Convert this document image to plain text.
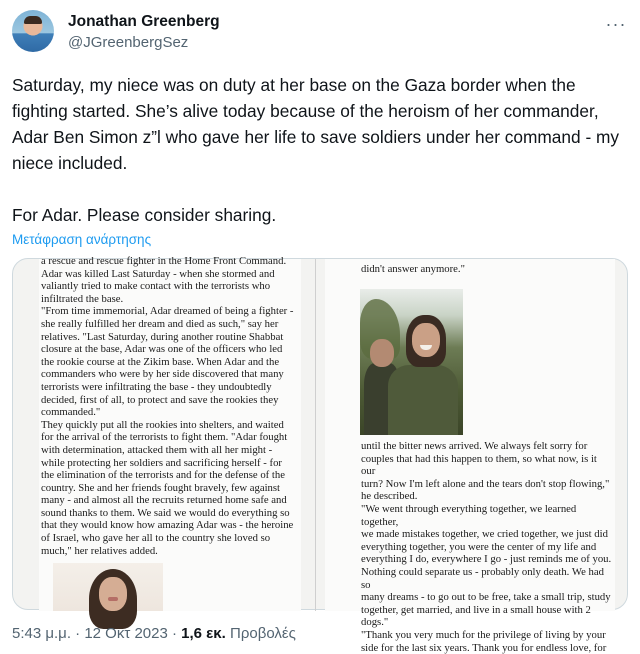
Jonathan Greenberg
@JGreenbergSez
···
Saturday, my niece was on duty at her base on the Gaza border when the fighting started. She’s alive today because of the heroism of her commander, Adar Ben Simon z”l who gave her life to save soldiers under her command - my niece included.

For Adar. Please consider sharing.
Μετάφραση ανάρτησης
a rescue and rescue fighter in the Home Front Command.
Adar was killed Last Saturday - when she stormed and
valiantly tried to make contact with the terrorists who
infiltrated the base.
"From time immemorial, Adar dreamed of being a fighter -
she really fulfilled her dream and died as such," say her
relatives. "Last Saturday, during another routine Shabbat
closure at the base, Adar was one of the officers who led
the rookie course at the Zikim base. When Adar and the
commanders who were by her side discovered that many
terrorists were infiltrating the base - they undoubtedly
decided, first of all, to protect and save the rookies they
commanded."
They quickly put all the rookies into shelters, and waited
for the arrival of the terrorists to fight them. "Adar fought
with determination, attacked them with all her might -
while protecting her soldiers and sacrificing herself - for
the elimination of the terrorists and for the defense of the
country. She and her friends fought bravely, few against
many - and almost all the recruits returned home safe and
sound thanks to them. We said we would do everything so
that they would know how amazing Adar was - the heroine
of Israel, who gave her all to the country she loved so
much," her relatives added.
didn't answer anymore."
until the bitter news arrived. We always felt sorry for
couples that had this happen to them, so what now, is it our
turn? Now I'm left alone and the tears don't stop flowing,"
he described.
"We went through everything together, we learned together,
we made mistakes together, we cried together, we just did
everything together, you were the center of my life and
everything I do, everywhere I go - just reminds me of you.
Nothing could separate us - probably only death. We had so
many dreams - to go out to be free, take a small trip, study
together, get married, and live in a small house with 2
dogs."
"Thank you very much for the privilege of living by your
side for the last six years. Thank you for endless love, for
5:43 μ.μ. · 12 Οκτ 2023 · 1,6 εκ. Προβολές
